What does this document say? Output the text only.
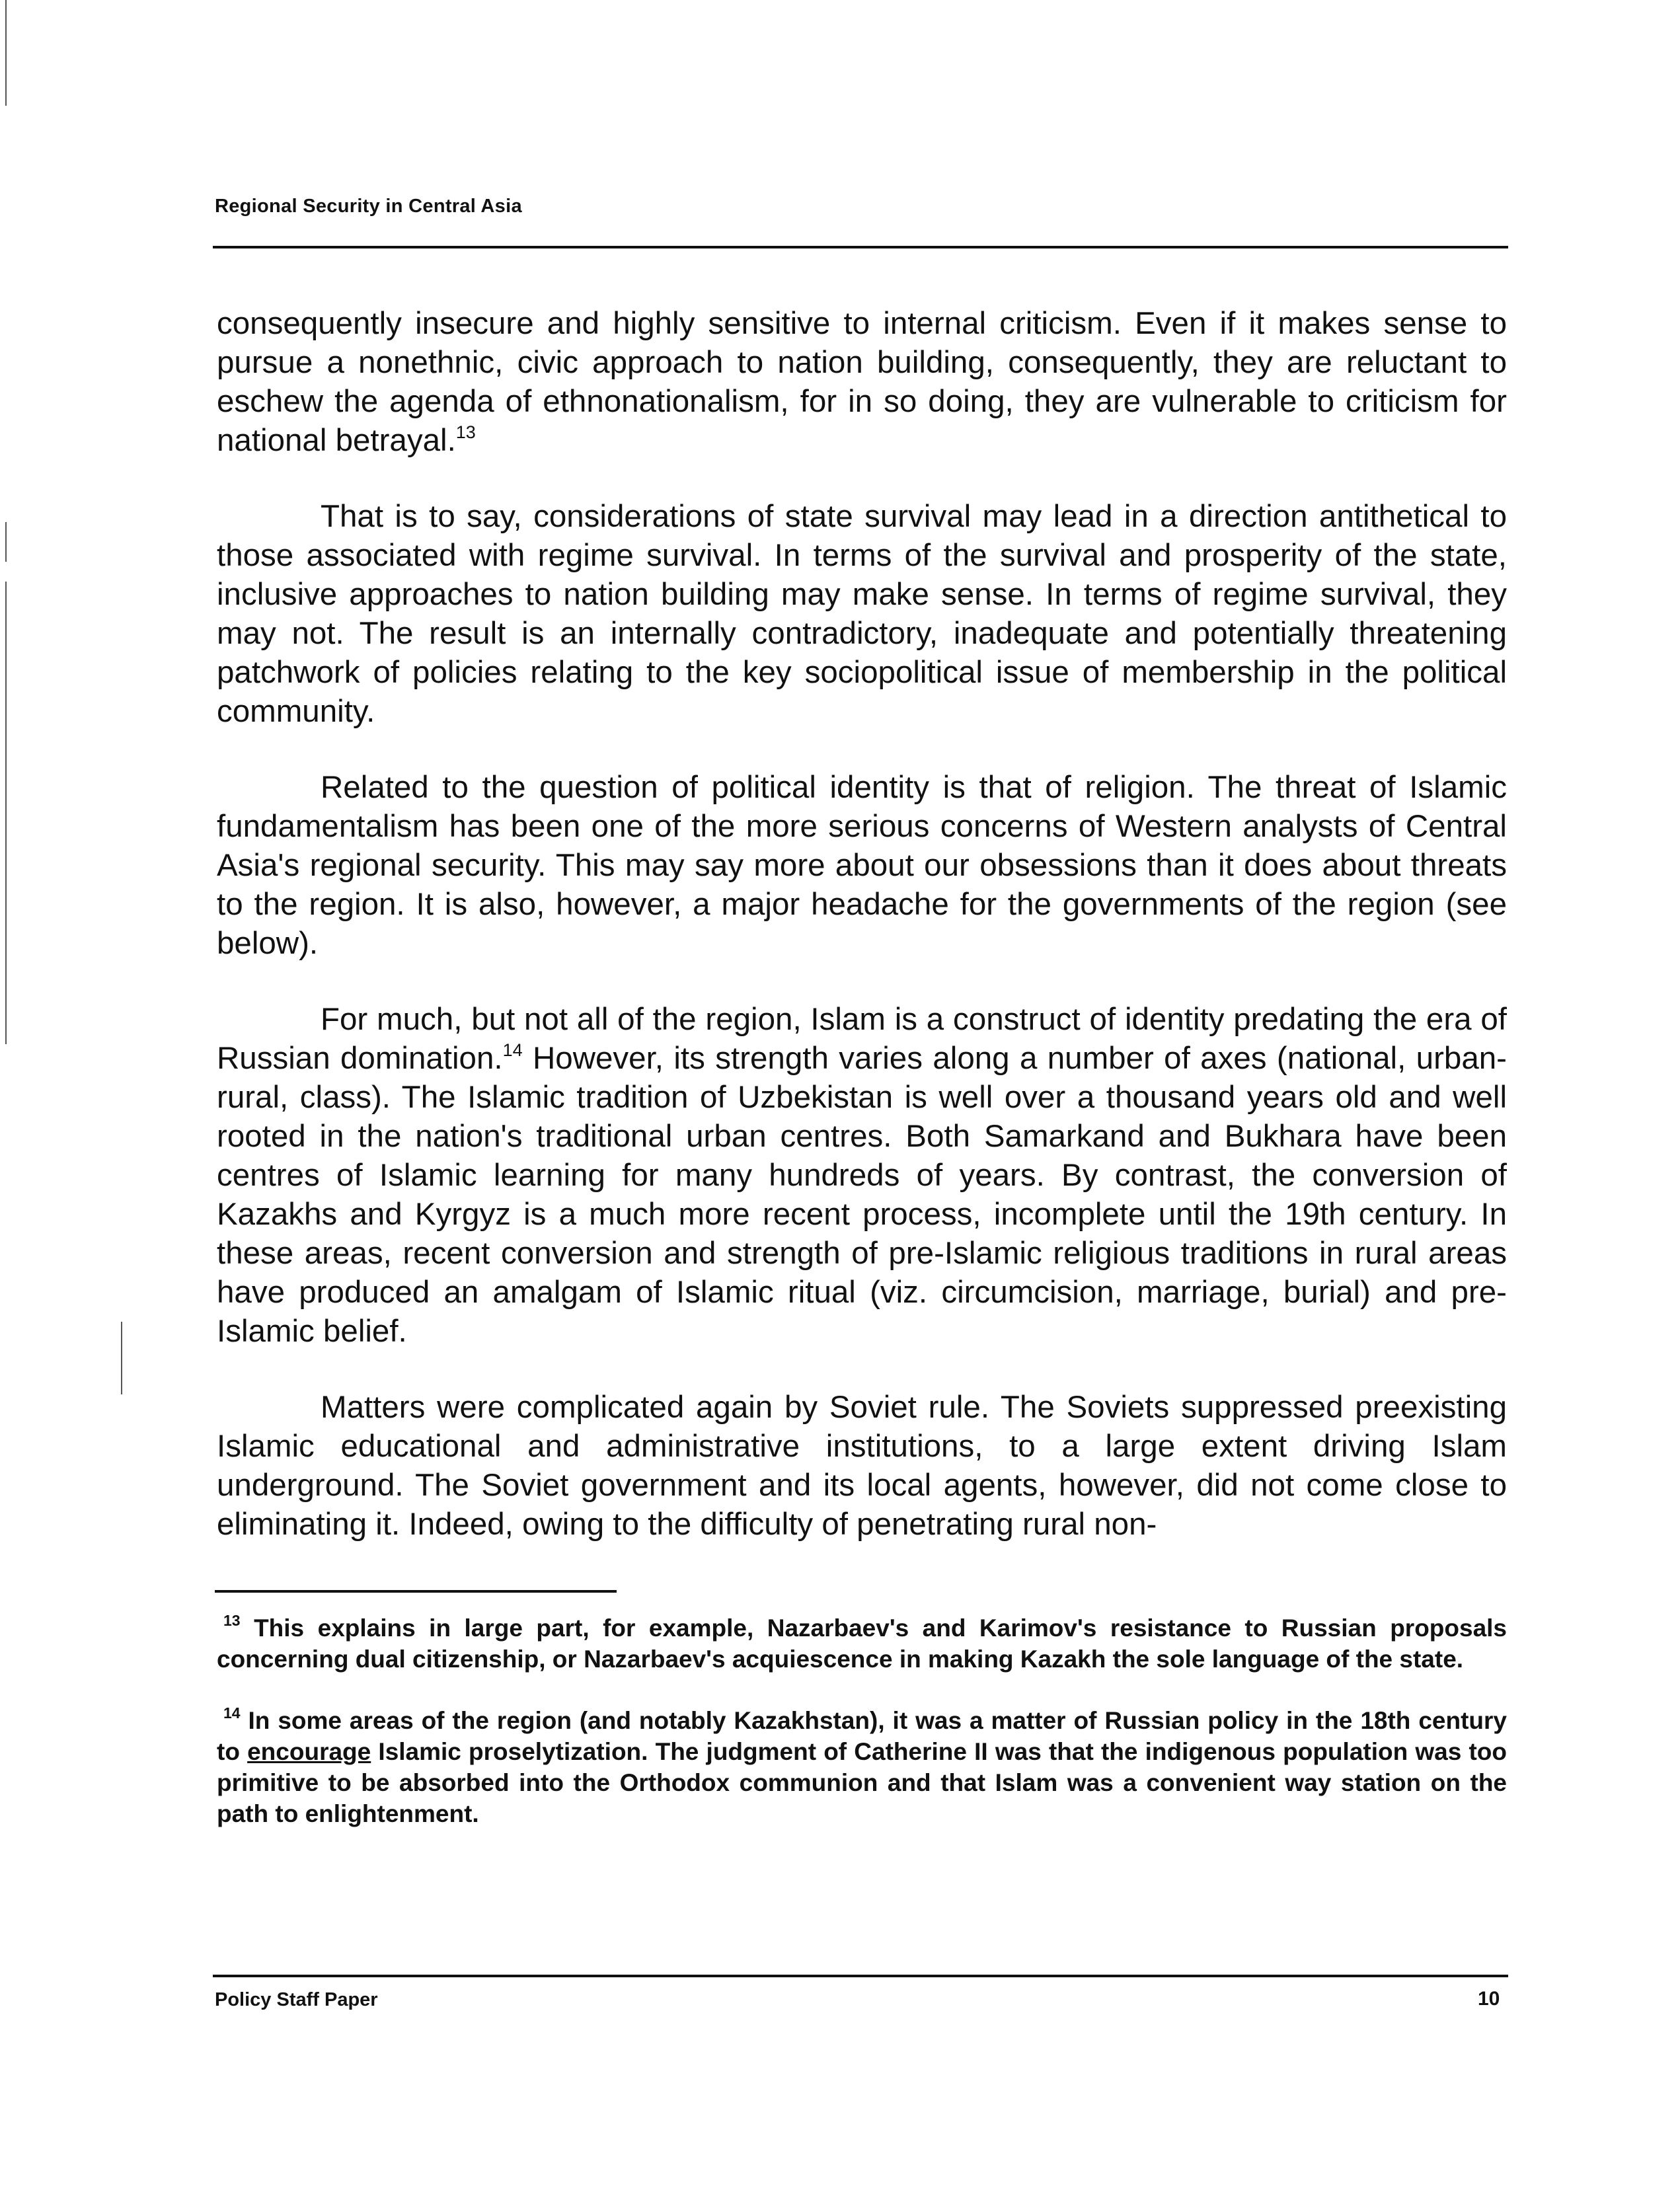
Regional Security in Central Asia

consequently insecure and highly sensitive to internal criticism. Even if it makes sense to pursue a nonethnic, civic approach to nation building, consequently, they are reluctant to eschew the agenda of ethnonationalism, for in so doing, they are vulnerable to criticism for national betrayal.$^{13}$

That is to say, considerations of state survival may lead in a direction antithetical to those associated with regime survival. In terms of the survival and prosperity of the state, inclusive approaches to nation building may make sense. In terms of regime survival, they may not. The result is an internally contradictory, inadequate and potentially threatening patchwork of policies relating to the key sociopolitical issue of membership in the political community.

Related to the question of political identity is that of religion. The threat of Islamic fundamentalism has been one of the more serious concerns of Western analysts of Central Asia's regional security. This may say more about our obsessions than it does about threats to the region. It is also, however, a major headache for the governments of the region (see below).

For much, but not all of the region, Islam is a construct of identity predating the era of Russian domination.$^{14}$ However, its strength varies along a number of axes (national, urban-rural, class). The Islamic tradition of Uzbekistan is well over a thousand years old and well rooted in the nation's traditional urban centres. Both Samarkand and Bukhara have been centres of Islamic learning for many hundreds of years. By contrast, the conversion of Kazakhs and Kyrgyz is a much more recent process, incomplete until the 19th century. In these areas, recent conversion and strength of pre-Islamic religious traditions in rural areas have produced an amalgam of Islamic ritual (viz. circumcision, marriage, burial) and pre-Islamic belief.

Matters were complicated again by Soviet rule. The Soviets suppressed preexisting Islamic educational and administrative institutions, to a large extent driving Islam underground. The Soviet government and its local agents, however, did not come close to eliminating it. Indeed, owing to the difficulty of penetrating rural non-

$^{13}$ This explains in large part, for example, Nazarbaev's and Karimov's resistance to Russian proposals concerning dual citizenship, or Nazarbaev's acquiescence in making Kazakh the sole language of the state.

$^{14}$ In some areas of the region (and notably Kazakhstan), it was a matter of Russian policy in the 18th century to encourage Islamic proselytization. The judgment of Catherine II was that the indigenous population was too primitive to be absorbed into the Orthodox communion and that Islam was a convenient way station on the path to enlightenment.

Policy Staff Paper	10
